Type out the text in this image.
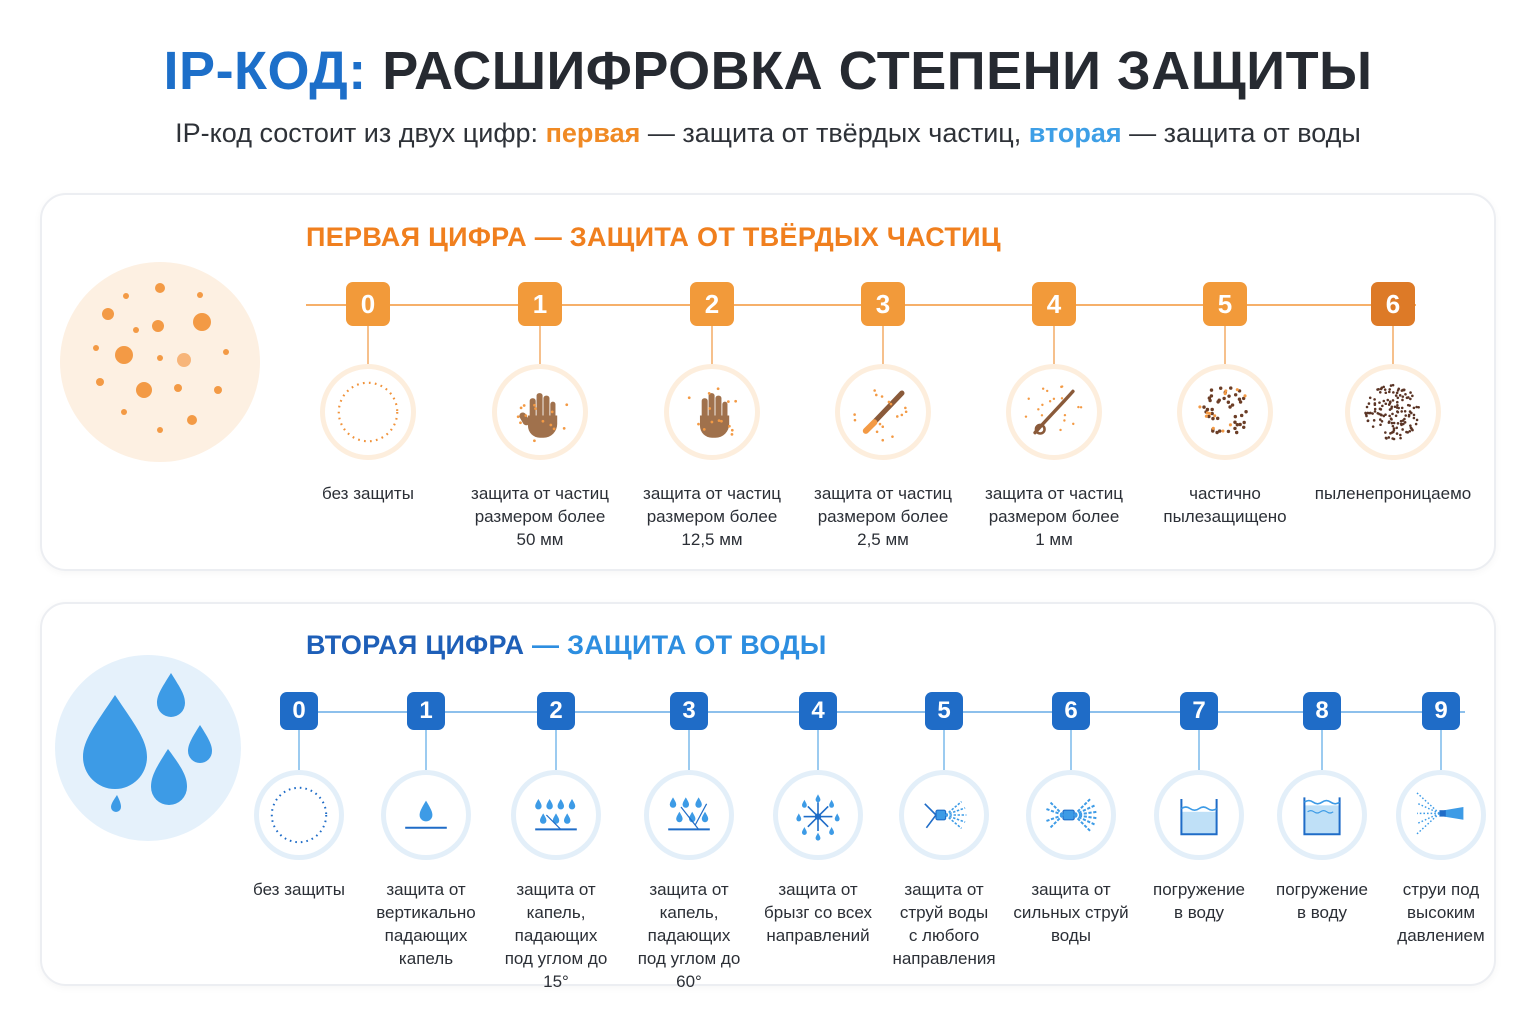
IP-КОД: РАСШИФРОВКА СТЕПЕНИ ЗАЩИТЫ
IP-код состоит из двух цифр: первая — защита от твёрдых частиц, вторая — защита от воды
ПЕРВАЯ ЦИФРА — ЗАЩИТА ОТ ТВЁРДЫХ ЧАСТИЦ
ВТОРАЯ ЦИФРА — ЗАЩИТА ОТ ВОДЫ
0
без защиты
1
защита от частиц
размером более
50 мм
2
защита от частиц
размером более
12,5 мм
3
защита от частиц
размером более
2,5 мм
4
защита от частиц
размером более
1 мм
5
частично
пылезащищено
6
пыленепроницаемо
0
без защиты
1
защита от
вертикально
падающих капель
2
защита от
капель, падающих
под углом до 15°
3
защита от
капель, падающих
под углом до 60°
4
защита от
брызг со всех
направлений
5
защита от
струй воды
с любого
направления
6
защита от
сильных струй
воды
7
погружение
в воду
8
погружение
в воду
9
струи под
высоким
давлением
